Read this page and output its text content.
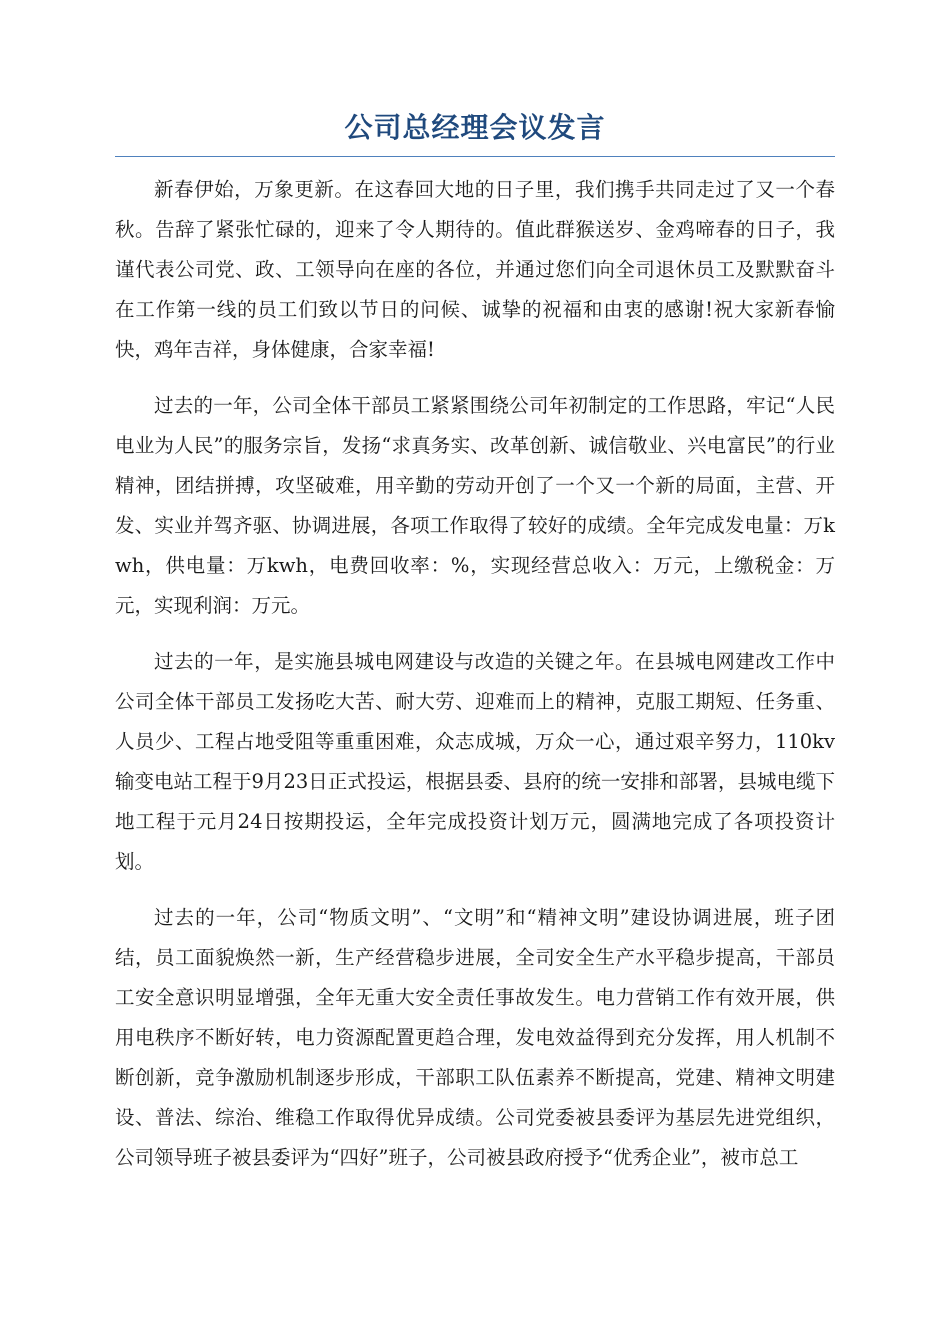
公司总经理会议发言

新春伊始，万象更新。在这春回大地的日子里，我们携手共同走过了又一个春秋。告辞了紧张忙碌的，迎来了令人期待的。值此群猴送岁、金鸡啼春的日子，我谨代表公司党、政、工领导向在座的各位，并通过您们向全司退休员工及默默奋斗在工作第一线的员工们致以节日的问候、诚挚的祝福和由衷的感谢!祝大家新春愉快，鸡年吉祥，身体健康，合家幸福!

过去的一年，公司全体干部员工紧紧围绕公司年初制定的工作思路，牢记“人民电业为人民”的服务宗旨，发扬“求真务实、改革创新、诚信敬业、兴电富民”的行业精神，团结拼搏，攻坚破难，用辛勤的劳动开创了一个又一个新的局面，主营、开发、实业并驾齐驱、协调进展，各项工作取得了较好的成绩。全年完成发电量：万kwh，供电量：万kwh，电费回收率：%，实现经营总收入：万元，上缴税金：万元，实现利润：万元。

过去的一年，是实施县城电网建设与改造的关键之年。在县城电网建改工作中公司全体干部员工发扬吃大苦、耐大劳、迎难而上的精神，克服工期短、任务重、人员少、工程占地受阻等重重困难，众志成城，万众一心，通过艰辛努力，110kv输变电站工程于9月23日正式投运，根据县委、县府的统一安排和部署，县城电缆下地工程于元月24日按期投运，全年完成投资计划万元，圆满地完成了各项投资计划。

过去的一年，公司“物质文明”、“文明”和“精神文明”建设协调进展，班子团结，员工面貌焕然一新，生产经营稳步进展，全司安全生产水平稳步提高，干部员工安全意识明显增强，全年无重大安全责任事故发生。电力营销工作有效开展，供用电秩序不断好转，电力资源配置更趋合理，发电效益得到充分发挥，用人机制不断创新，竞争激励机制逐步形成，干部职工队伍素养不断提高，党建、精神文明建设、普法、综治、维稳工作取得优异成绩。公司党委被县委评为基层先进党组织，公司领导班子被县委评为“四好”班子，公司被县政府授予“优秀企业”，被市总工
